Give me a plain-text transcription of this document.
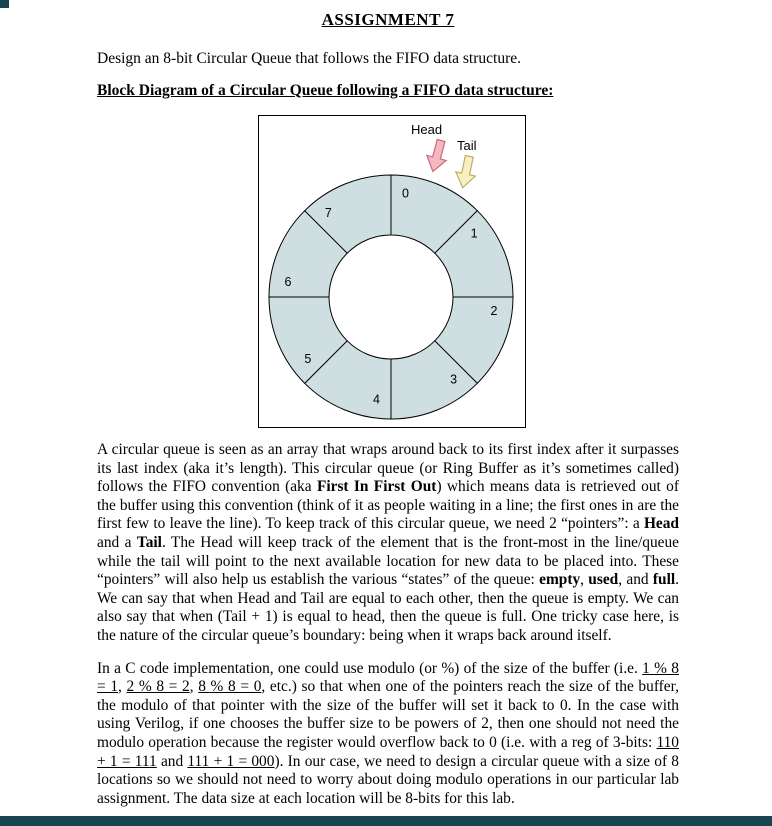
ASSIGNMENT 7

Design an 8-bit Circular Queue that follows the FIFO data structure.

Block Diagram of a Circular Queue following a FIFO data structure:
0
1
2
3
4
5
6
7
Head
Tail

A circular queue is seen as an array that wraps around back to its first index after it surpasses its last index (aka it’s length). This circular queue (or Ring Buffer as it’s sometimes called) follows the FIFO convention (aka First In First Out) which means data is retrieved out of the buffer using this convention (think of it as people waiting in a line; the first ones in are the first few to leave the line). To keep track of this circular queue, we need 2 “pointers”: a Head and a Tail. The Head will keep track of the element that is the front-most in the line/queue while the tail will point to the next available location for new data to be placed into. These “pointers” will also help us establish the various “states” of the queue: empty, used, and full. We can say that when Head and Tail are equal to each other, then the queue is empty. We can also say that when (Tail + 1) is equal to head, then the queue is full. One tricky case here, is the nature of the circular queue’s boundary: being when it wraps back around itself.

In a C code implementation, one could use modulo (or %) of the size of the buffer (i.e. 1 % 8 = 1, 2 % 8 = 2, 8 % 8 = 0, etc.) so that when one of the pointers reach the size of the buffer, the modulo of that pointer with the size of the buffer will set it back to 0. In the case with using Verilog, if one chooses the buffer size to be powers of 2, then one should not need the modulo operation because the register would overflow back to 0 (i.e. with a reg of 3-bits: 110 + 1 = 111 and 111 + 1 = 000). In our case, we need to design a circular queue with a size of 8 locations so we should not need to worry about doing modulo operations in our particular lab assignment. The data size at each location will be 8-bits for this lab.
